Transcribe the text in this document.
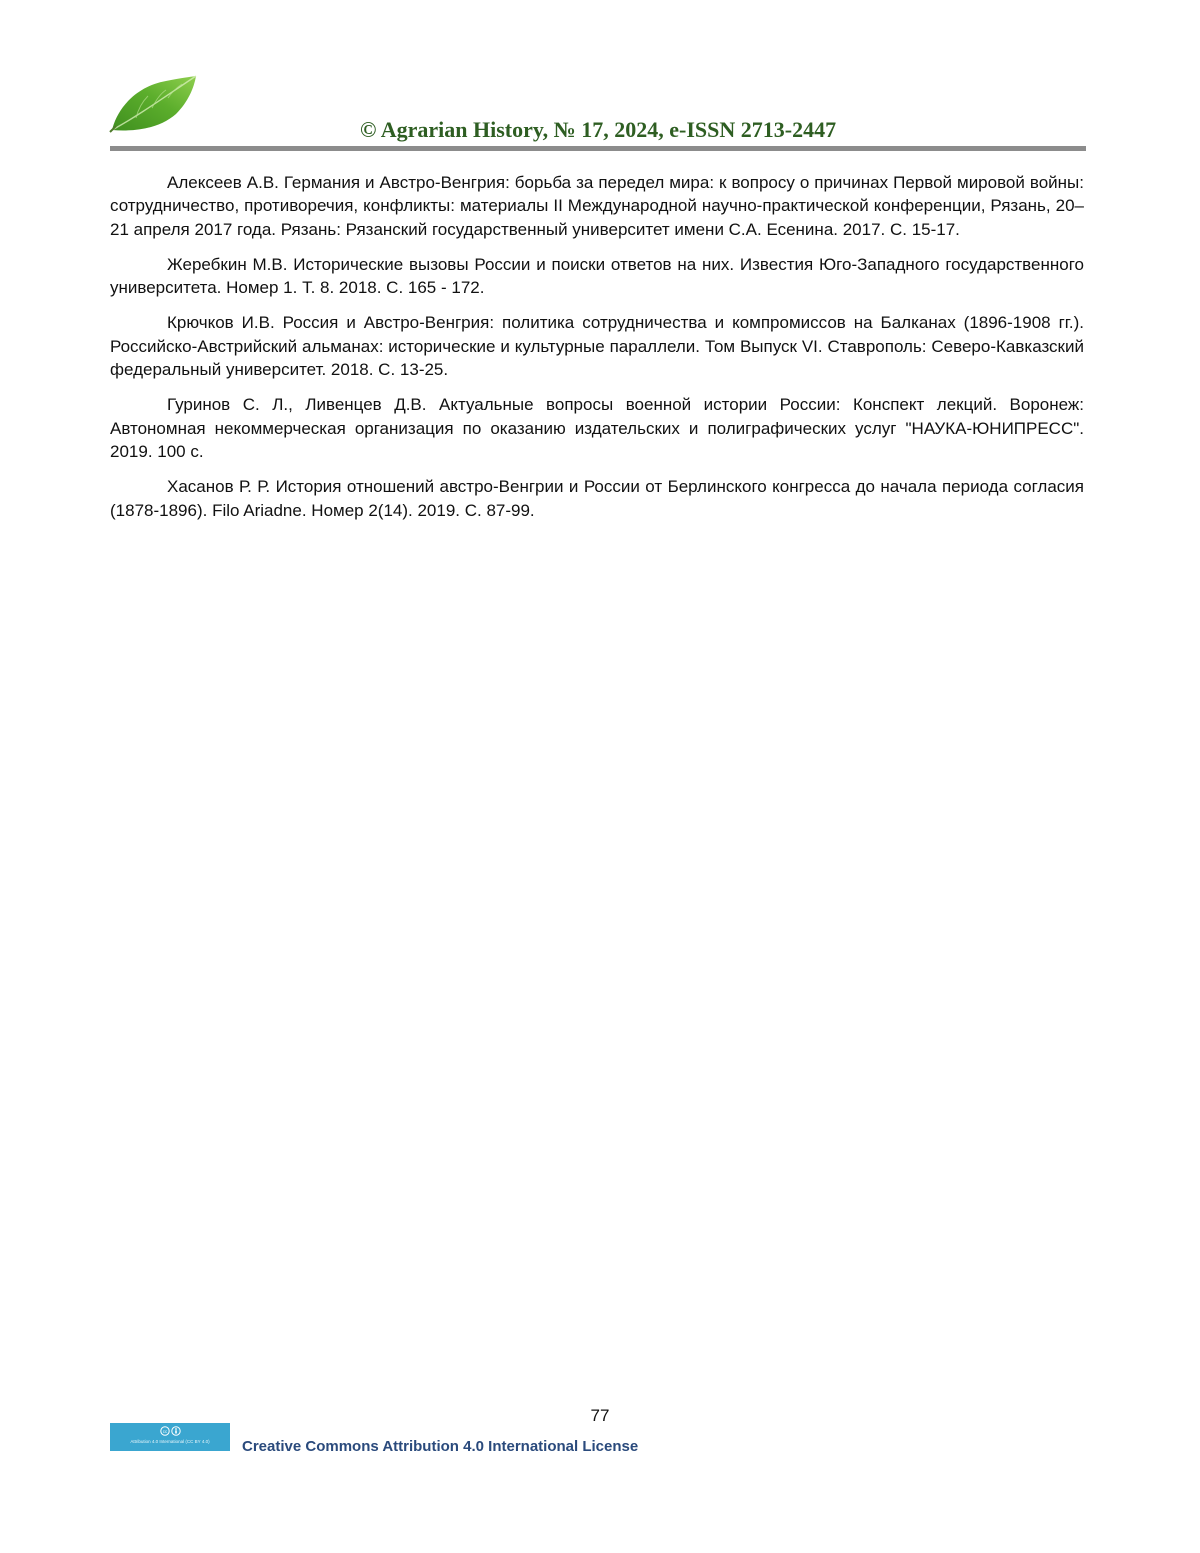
© Agrarian History, № 17, 2024, e-ISSN 2713-2447

Алексеев А.В. Германия и Австро-Венгрия: борьба за передел мира: к вопросу о причинах Первой мировой войны: сотрудничество, противоречия, конфликты: материалы II Международной научно-практической конференции, Рязань, 20–21 апреля 2017 года. Рязань: Рязанский государственный университет имени С.А. Есенина. 2017. С. 15-17.

Жеребкин М.В. Исторические вызовы России и поиски ответов на них. Известия Юго-Западного государственного университета. Номер 1. Т. 8. 2018. С. 165 - 172.

Крючков И.В. Россия и Австро-Венгрия: политика сотрудничества и компромиссов на Балканах (1896-1908 гг.). Российско-Австрийский альманах: исторические и культурные параллели. Том Выпуск VI. Ставрополь: Северо-Кавказский федеральный университет. 2018. С. 13-25.

Гуринов С. Л., Ливенцев Д.В. Актуальные вопросы военной истории России: Конспект лекций. Воронеж: Автономная некоммерческая организация по оказанию издательских и полиграфических услуг "НАУКА-ЮНИПРЕСС". 2019. 100 с.

Хасанов Р. Р. История отношений австро-Венгрии и России от Берлинского конгресса до начала периода согласия (1878-1896). Filo Ariadne. Номер 2(14). 2019. С. 87-99.

77
cc
Attribution 4.0 International (CC BY 4.0)	Creative Commons Attribution 4.0 International License
